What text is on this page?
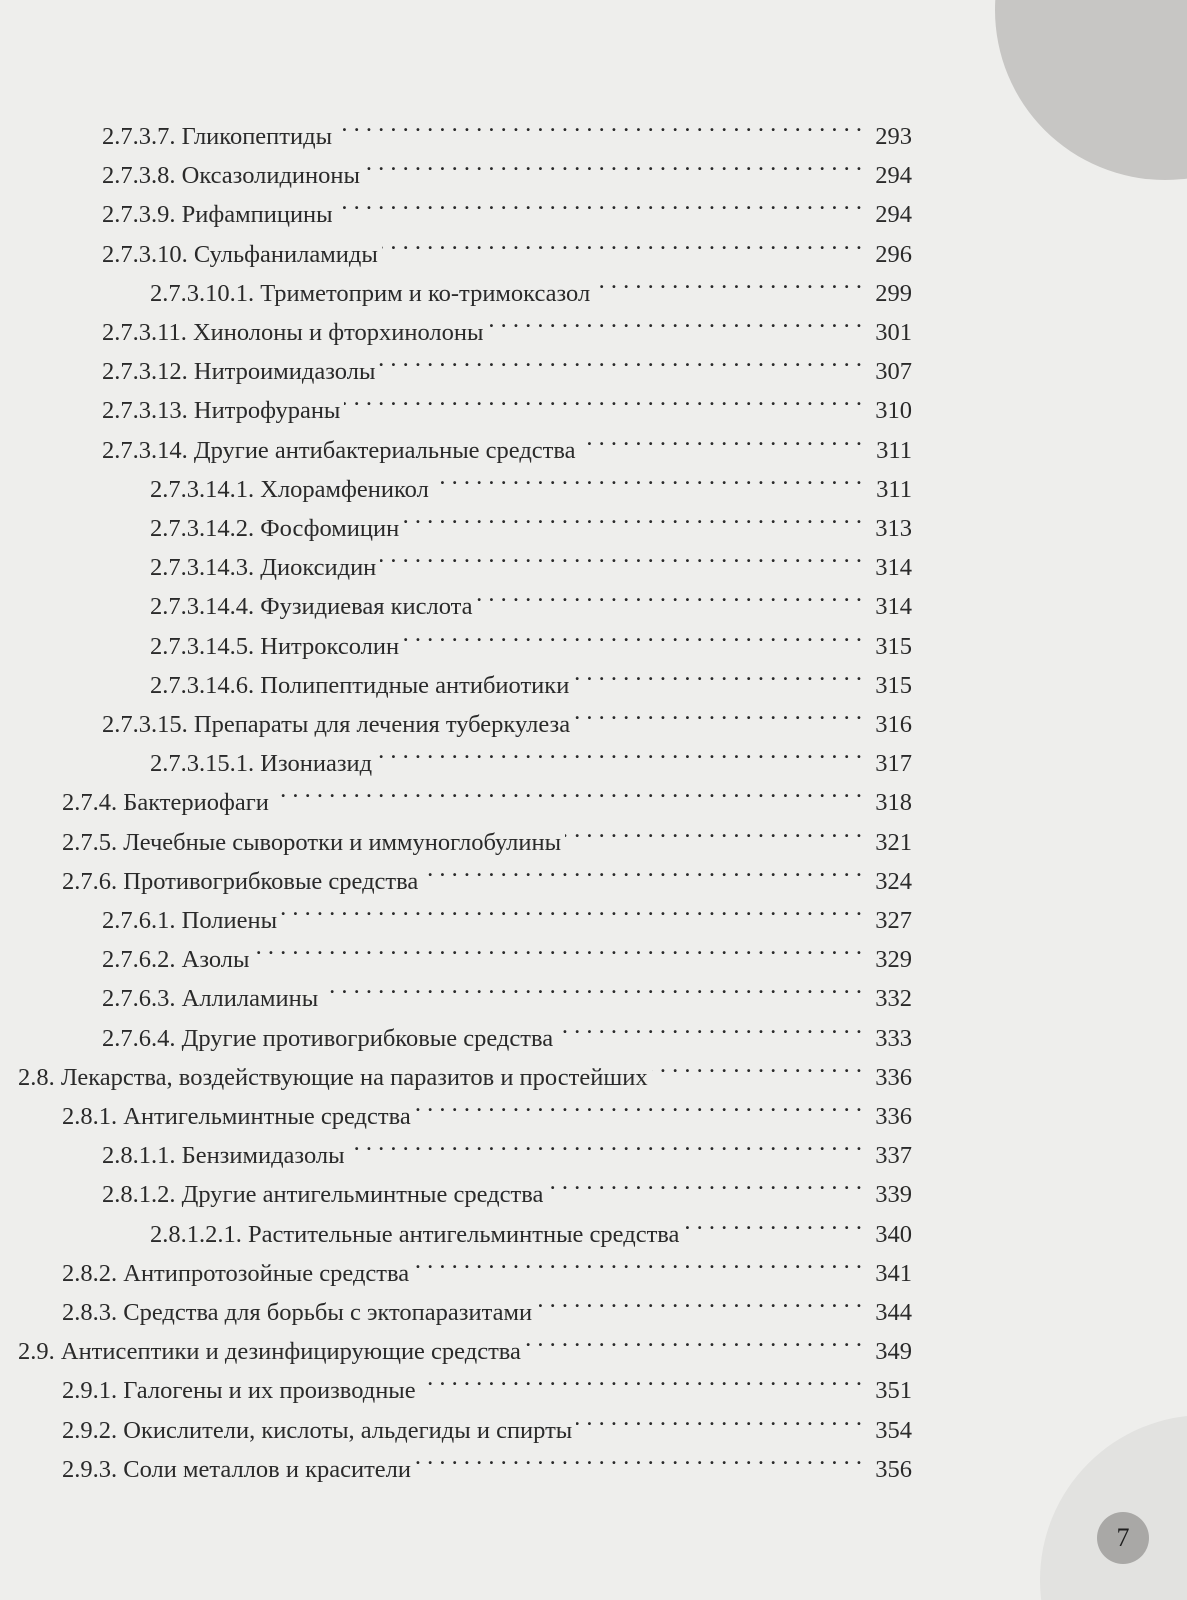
2.7.3.7. Гликопептиды . . .	293
2.7.3.8. Оксазолидиноны . . .	294
2.7.3.9. Рифампицины . . .	294
2.7.3.10. Сульфаниламиды . . .	296
2.7.3.10.1. Триметоприм и ко-тримоксазол . . .	299
2.7.3.11. Хинолоны и фторхинолоны . . .	301
2.7.3.12. Нитроимидазолы . . .	307
2.7.3.13. Нитрофураны . . .	310
2.7.3.14. Другие антибактериальные средства . . .	311
2.7.3.14.1. Хлорамфеникол . . .	311
2.7.3.14.2. Фосфомицин . . .	313
2.7.3.14.3. Диоксидин . . .	314
2.7.3.14.4. Фузидиевая кислота . . .	314
2.7.3.14.5. Нитроксолин . . .	315
2.7.3.14.6. Полипептидные антибиотики . . .	315
2.7.3.15. Препараты для лечения туберкулеза . . .	316
2.7.3.15.1. Изониазид . . .	317
2.7.4. Бактериофаги . . .	318
2.7.5. Лечебные сыворотки и иммуноглобулины . . .	321
2.7.6. Противогрибковые средства . . .	324
2.7.6.1. Полиены . . .	327
2.7.6.2. Азолы . . .	329
2.7.6.3. Аллиламины . . .	332
2.7.6.4. Другие противогрибковые средства . . .	333
2.8. Лекарства, воздействующие на паразитов и простейших . . .	336
2.8.1. Антигельминтные средства . . .	336
2.8.1.1. Бензимидазолы . . .	337
2.8.1.2. Другие антигельминтные средства . . .	339
2.8.1.2.1. Растительные антигельминтные средства . . .	340
2.8.2. Антипротозойные средства . . .	341
2.8.3. Средства для борьбы с эктопаразитами . . .	344
2.9. Антисептики и дезинфицирующие средства . . .	349
2.9.1. Галогены и их производные . . .	351
2.9.2. Окислители, кислоты, альдегиды и спирты . . .	354
2.9.3. Соли металлов и красители . . .	356
7
